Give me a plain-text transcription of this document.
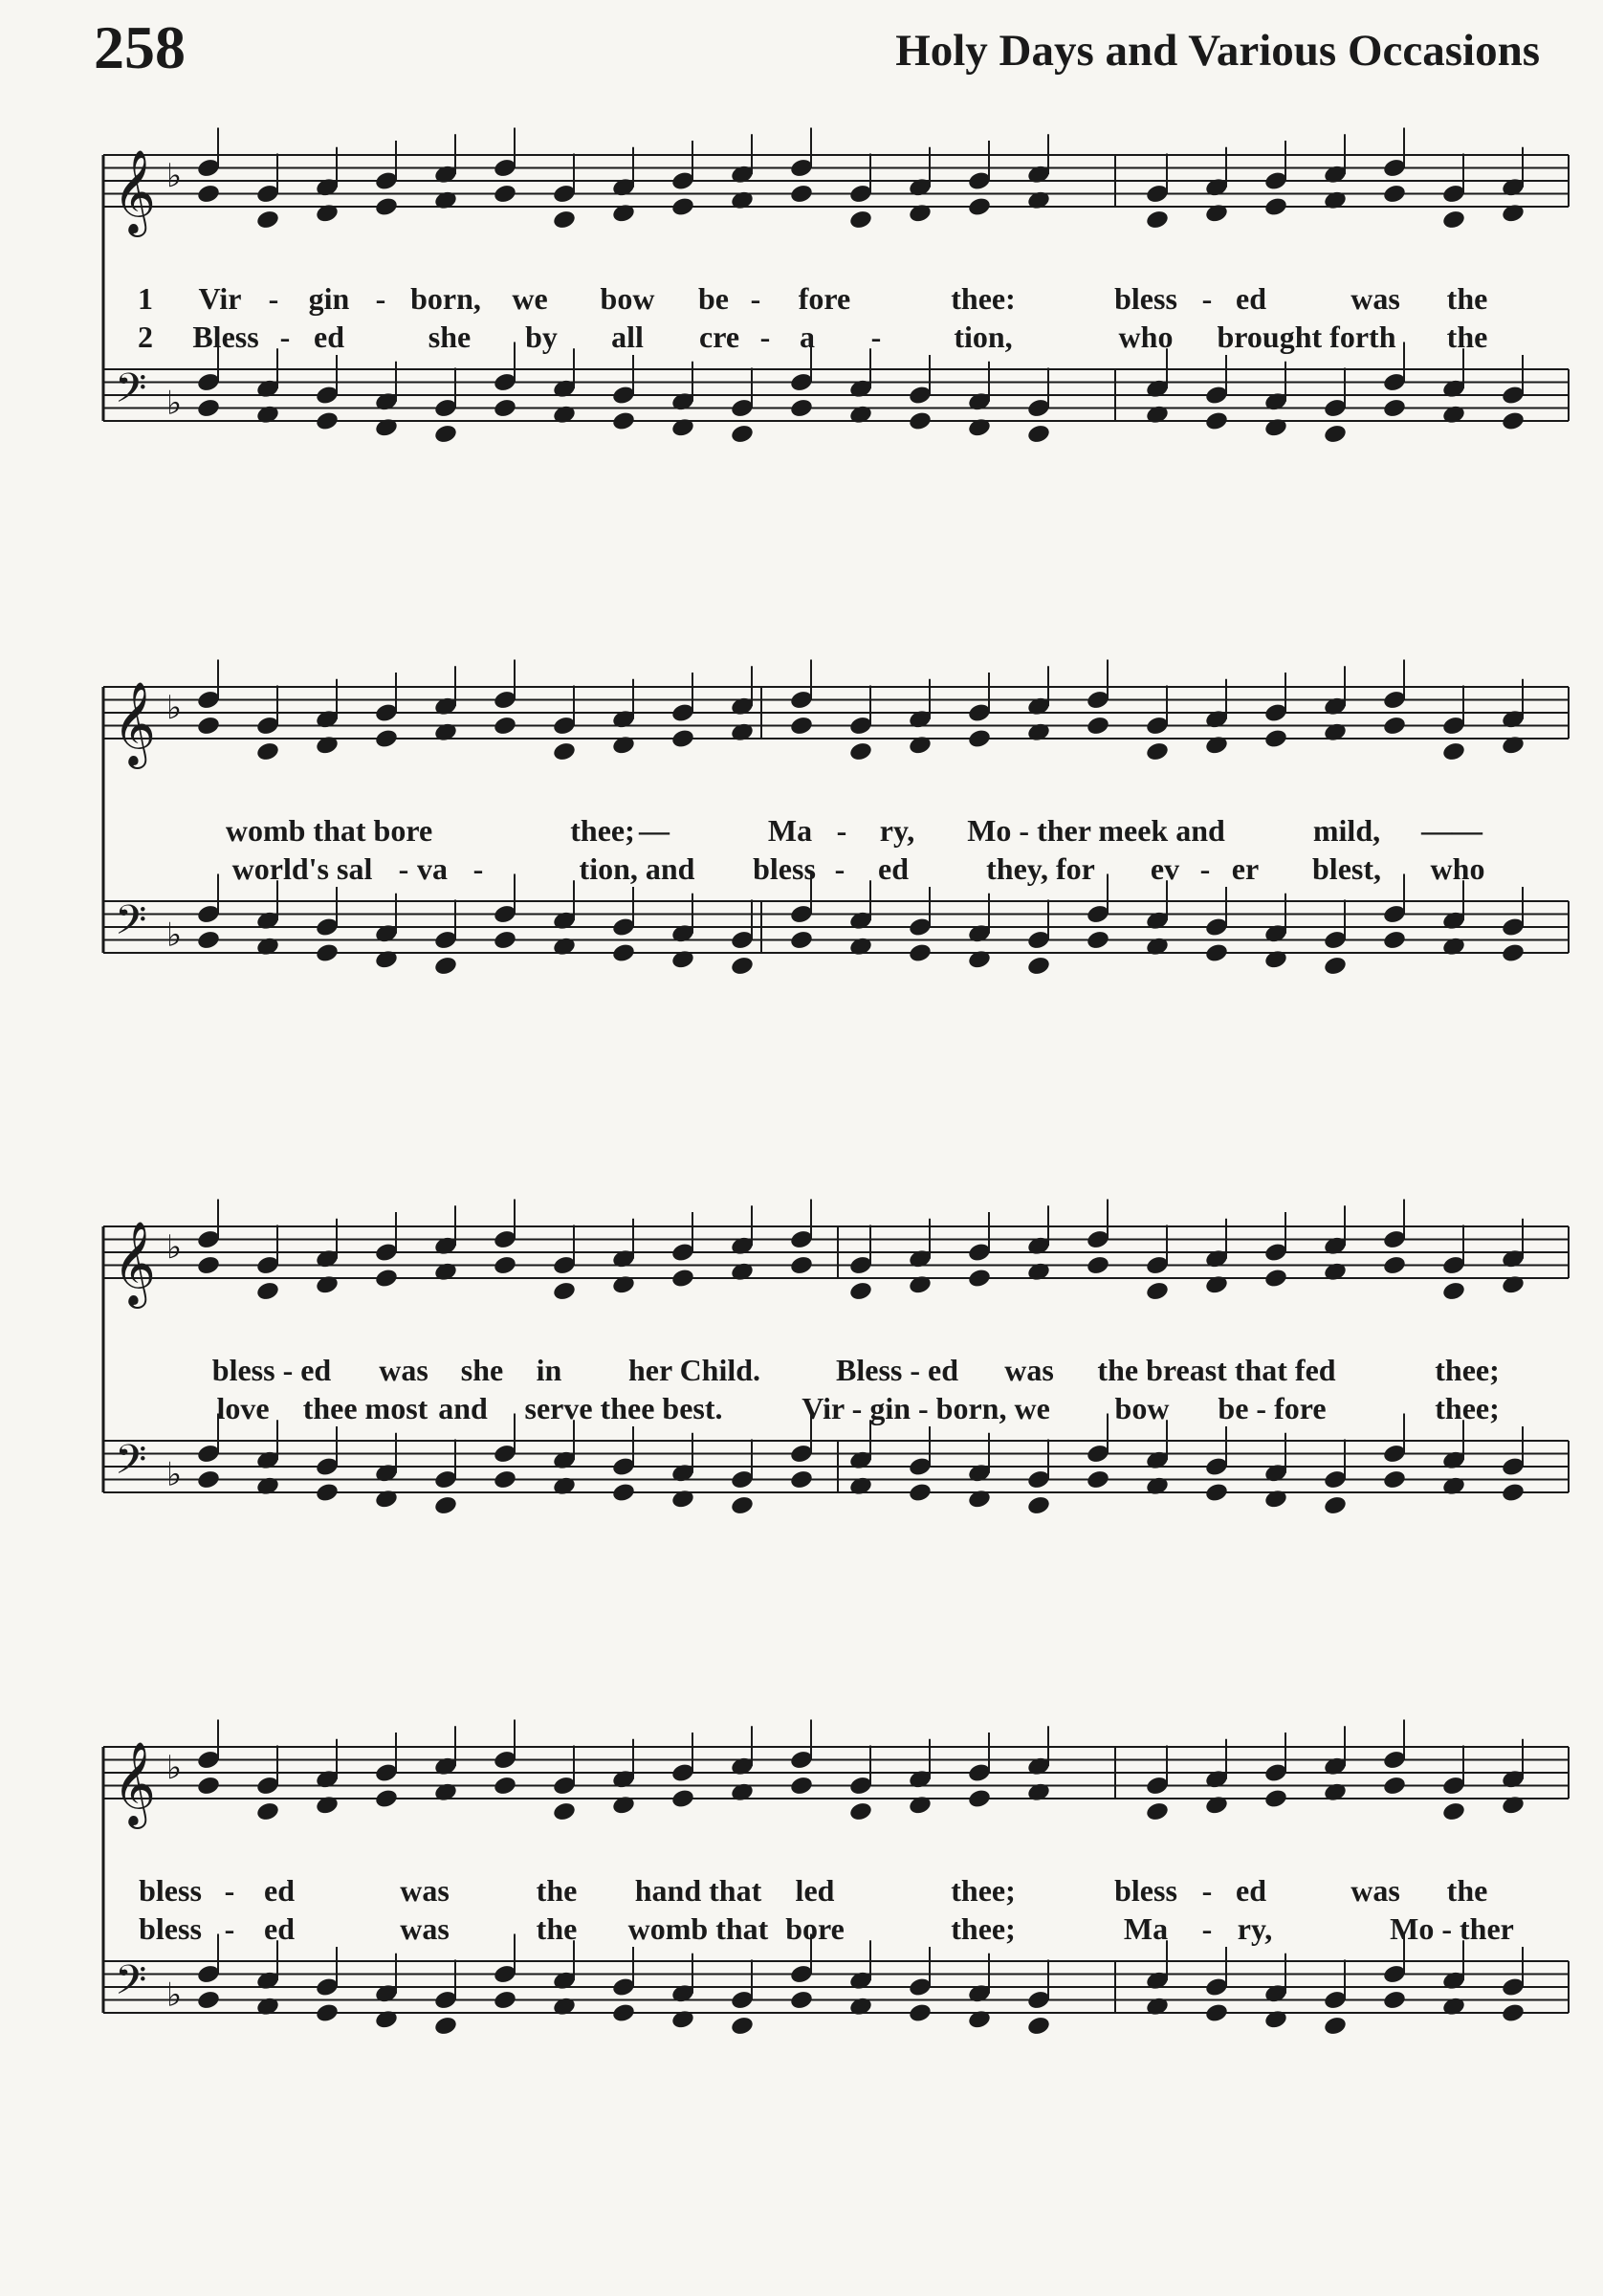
258	Holy Days and Various Occasions
𝄞
𝄢
♭
♭
1 Vir - gin - born, we bow be - fore	thee:	bless - ed	was the
2 Bless - ed	she by all cre - a - tion,	who brought forth the
𝄞
𝄢
♭
♭
womb that bore	thee; —	Ma - ry, Mo - ther meek and	mild, ——
world's sal - va -	tion, and bless - ed	they, for ev - er blest, who
𝄞
𝄢
♭
♭
bless - ed was she in her Child. Bless - ed was the breast that fed	thee;
love thee most and serve thee best.	Vir - gin - born, we bow be - fore	thee;
𝄞
𝄢
♭
♭
bless - ed	was	the hand that led	thee;	bless - ed	was the
bless - ed	was	the womb that bore	thee;	Ma - ry,	Mo - ther
